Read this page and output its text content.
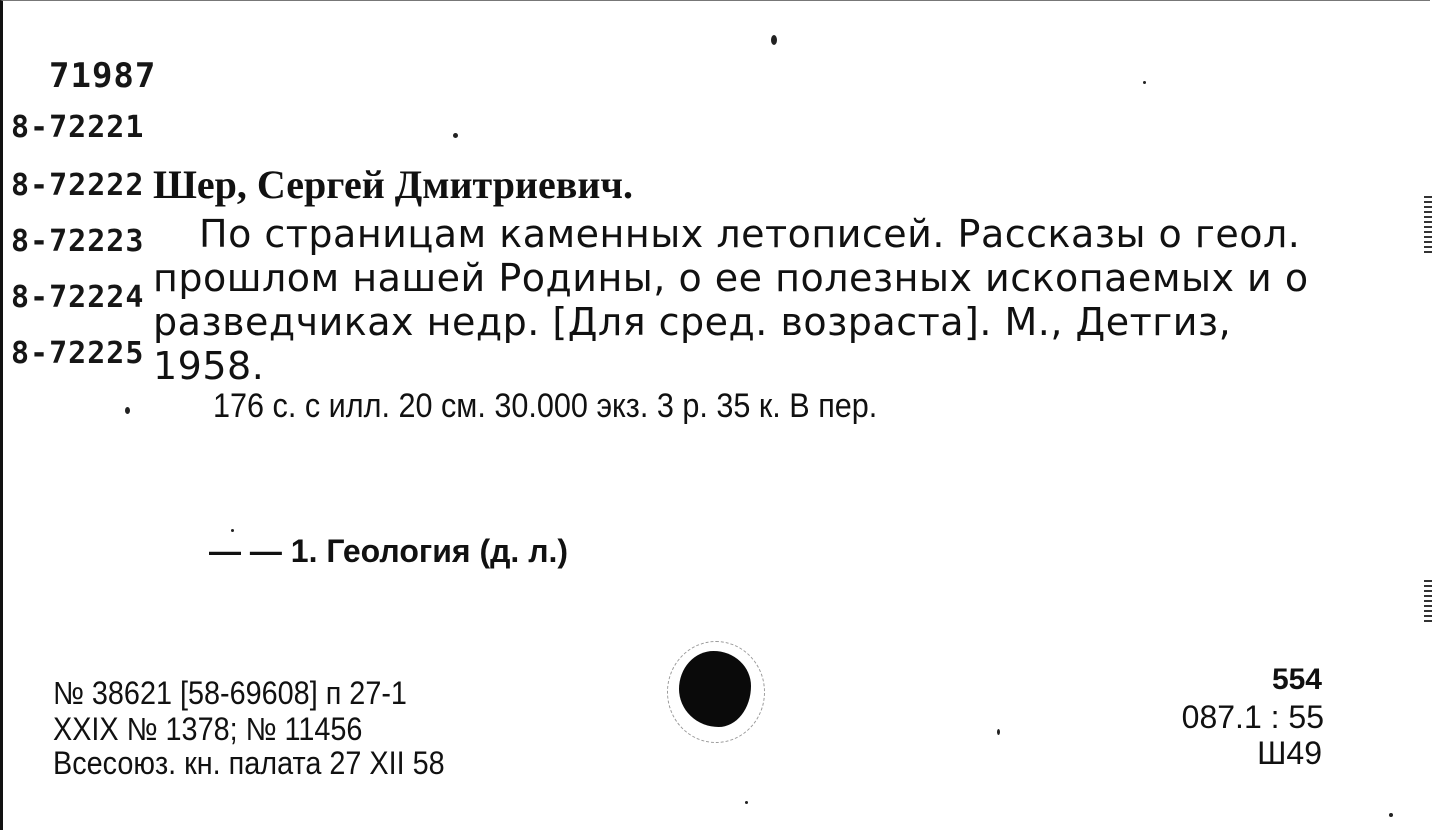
71987
8-72221
8-72222
8-72223
8-72224
8-72225
Шер, Сергей Дмитриевич.
По страницам каменных летописей. Рассказы о геол.
прошлом нашей Родины, о ее полезных ископаемых и о
разведчиках недр. [Для сред. возраста]. М., Детгиз,
1958.
176 с. с илл. 20 см. 30.000 экз. 3 р. 35 к. В пер.
— — 1. Геология (д. л.)
№ 38621 [58-69608] п 27-1
XXIX № 1378; № 11456
Всесоюз. кн. палата 27 XII 58
554
087.1 : 55
Ш49
